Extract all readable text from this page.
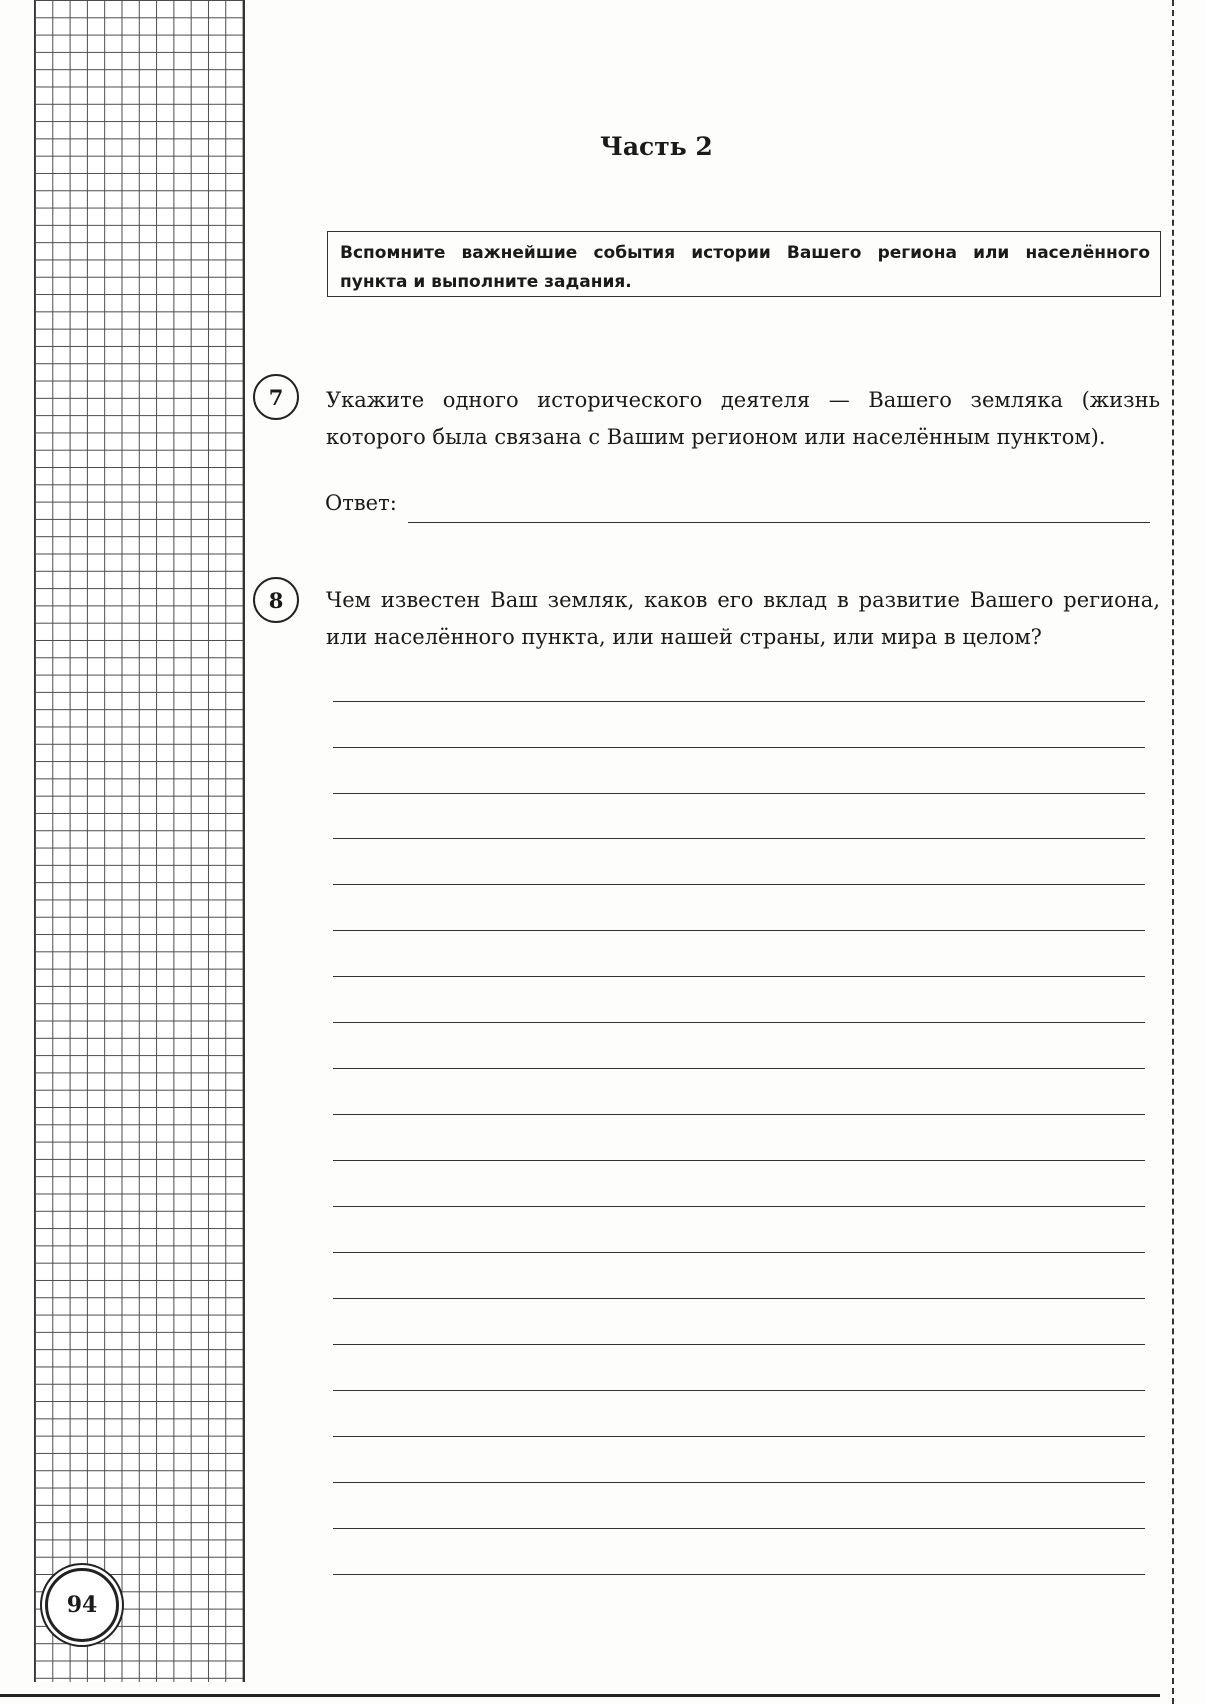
Часть 2
Вспомните важнейшие события истории Вашего региона или населённого пункта и выполните задания.
7	Укажите одного исторического деятеля — Вашего земляка (жизнь которого была связана с Вашим регионом или населённым пунктом).
Ответ:
8	Чем известен Ваш земляк, каков его вклад в развитие Вашего региона, или населённого пункта, или нашей страны, или мира в целом?
94
